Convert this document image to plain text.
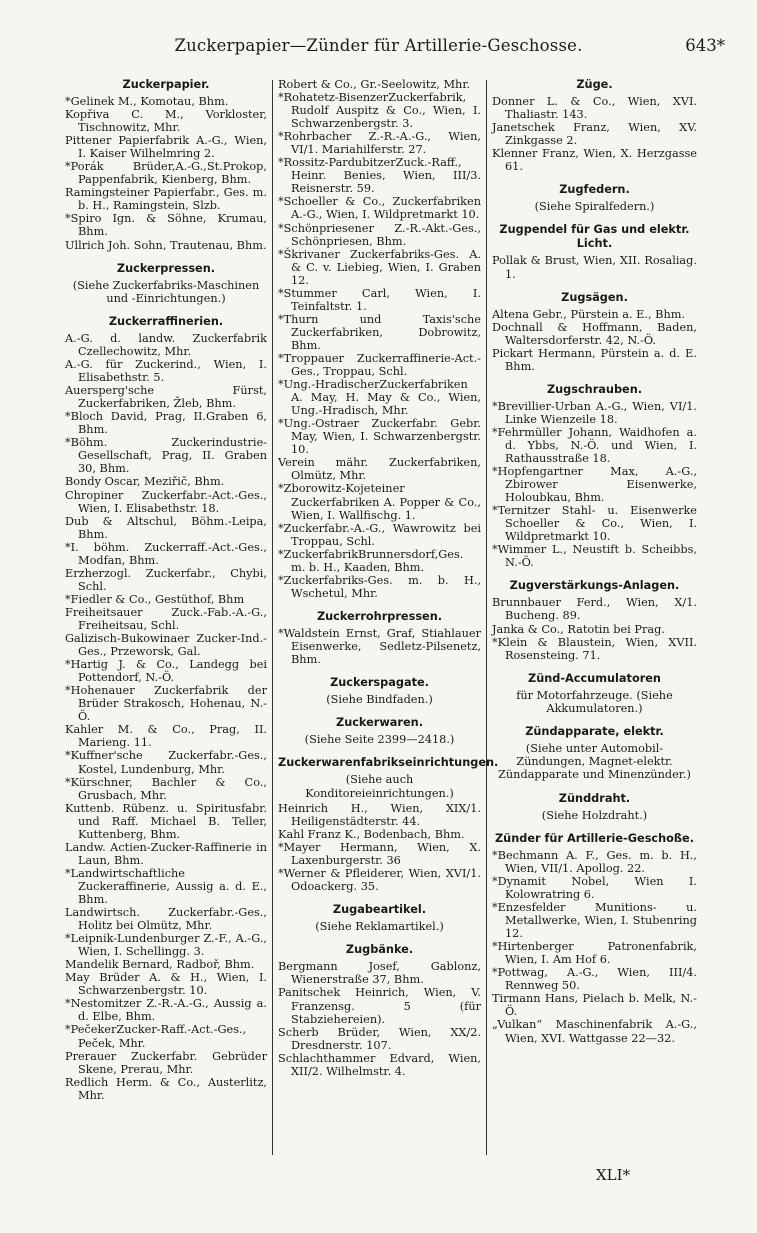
Zuckerpapier—Zünder für Artillerie-Geschosse.	643*
Zuckerpapier.

*Gelinek M., Komotau, Bhm.

Kopřiva C. M., Vorkloster, Tischnowitz, Mhr.

Pittener Papierfabrik A.-G., Wien, I. Kaiser Wilhelmring 2.

*Porák Brüder,A.-G.,St.Prokop, Pappenfabrik, Kienberg, Bhm.

Ramingsteiner Papierfabr., Ges. m. b. H., Ramingstein, Slzb.

*Spiro Ign. & Söhne, Krumau, Bhm.

Ullrich Joh. Sohn, Trautenau, Bhm.

Zuckerpressen.
(Siehe Zuckerfabriks-Maschinen und -Einrichtungen.)
Zuckerraffinerien.

A.-G. d. landw. Zuckerfabrik Czellechowitz, Mhr.

A.-G. für Zuckerind., Wien, I. Elisabethstr. 5.

Auersperg'sche Fürst, Zuckerfabriken, Žleb, Bhm.

*Bloch David, Prag, II.Graben 6, Bhm.

*Böhm. Zuckerindustrie-Gesellschaft, Prag, II. Graben 30, Bhm.

Bondy Oscar, Meziřič, Bhm.

Chropiner Zuckerfabr.-Act.-Ges., Wien, I. Elisabethstr. 18.

Dub & Altschul, Böhm.-Leipa, Bhm.

*I. böhm. Zuckerraff.-Act.-Ges., Modfan, Bhm.

Erzherzogl. Zuckerfabr., Chybi, Schl.

*Fiedler & Co., Gestüthof, Bhm

Freiheitsauer Zuck.-Fab.-A.-G., Freiheitsau, Schl.

Galizisch-Bukowinaer Zucker-Ind.-Ges., Przeworsk, Gal.

*Hartig J. & Co., Landegg bei Pottendorf, N.-Ö.

*Hohenauer Zuckerfabrik der Brüder Strakosch, Hohenau, N.-Ö.

Kahler M. & Co., Prag, II. Marieng. 11.

*Kuffner'sche Zuckerfabr.-Ges., Kostel, Lundenburg, Mhr.

*Kürschner, Bachler & Co., Grusbach, Mhr.

Kuttenb. Rübenz. u. Spiritusfabr. und Raff. Michael B. Teller, Kuttenberg, Bhm.

Landw. Actien-Zucker-Raffinerie in Laun, Bhm.

*Landwirtschaftliche Zuckeraffinerie, Aussig a. d. E., Bhm.

Landwirtsch. Zuckerfabr.-Ges., Holitz bei Olmütz, Mhr.

*Leipnik-Lundenburger Z.-F., A.-G., Wien, I. Schellingg. 3.

Mandelik Bernard, Radboř, Bhm.

May Brüder A. & H., Wien, I. Schwarzenbergstr. 10.

*Nestomitzer Z.-R.-A.-G., Aussig a. d. Elbe, Bhm.

*PečekerZucker-Raff.-Act.-Ges., Peček, Mhr.

Prerauer Zuckerfabr. Gebrüder Skene, Prerau, Mhr.

Redlich Herm. & Co., Austerlitz, Mhr.

Robert & Co., Gr.-Seelowitz, Mhr.

*Rohatetz-BisenzerZuckerfabrik, Rudolf Auspitz & Co., Wien, I. Schwarzenbergstr. 3.

*Rohrbacher Z.-R.-A.-G., Wien, VI/1. Mariahilferstr. 27.

*Rossitz-PardubitzerZuck.-Raff., Heinr. Benies, Wien, III/3. Reisnerstr. 59.

*Schoeller & Co., Zuckerfabriken A.-G., Wien, I. Wildpretmarkt 10.

*Schönpriesener Z.-R.-Akt.-Ges., Schönpriesen, Bhm.

*Škrivaner Zuckerfabriks-Ges. A. & C. v. Liebieg, Wien, I. Graben 12.

*Stummer Carl, Wien, I. Teinfaltstr. 1.

*Thurn und Taxis'sche Zuckerfabriken, Dobrowitz, Bhm.

*Troppauer Zuckerraffinerie-Act.-Ges., Troppau, Schl.

*Ung.-HradischerZuckerfabriken A. May, H. May & Co., Wien, Ung.-Hradisch, Mhr.

*Ung.-Ostraer Zuckerfabr. Gebr. May, Wien, I. Schwarzenbergstr. 10.

Verein mähr. Zuckerfabriken, Olmütz, Mhr.

*Zborowitz-Kojeteiner Zuckerfabriken A. Popper & Co., Wien, I. Wallfischg. 1.

*Zuckerfabr.-A.-G., Wawrowitz bei Troppau, Schl.

*ZuckerfabrikBrunnersdorf,Ges. m. b. H., Kaaden, Bhm.

*Zuckerfabriks-Ges. m. b. H., Wschetul, Mhr.

Zuckerrohrpressen.

*Waldstein Ernst, Graf, Stiahlauer Eisenwerke, Sedletz-Pilsenetz, Bhm.

Zuckerspagate.
(Siehe Bindfaden.)
Zuckerwaren.
(Siehe Seite 2399—2418.)
Zuckerwarenfabrikseinrichtungen.
(Siehe auch Konditoreieinrichtungen.)

Heinrich H., Wien, XIX/1. Heiligenstädterstr. 44.

Kahl Franz K., Bodenbach, Bhm.

*Mayer Hermann, Wien, X. Laxenburgerstr. 36

*Werner & Pfleiderer, Wien, XVI/1. Odoackerg. 35.

Zugabeartikel.
(Siehe Reklamartikel.)
Zugbänke.

Bergmann Josef, Gablonz, Wienerstraße 37, Bhm.

Panitschek Heinrich, Wien, V. Franzensg. 5 (für Stabziehereien).

Scherb Brüder, Wien, XX/2. Dresdnerstr. 107.

Schlachthammer Edvard, Wien, XII/2. Wilhelmstr. 4.

Züge.

Donner L. & Co., Wien, XVI. Thaliastr. 143.

Janetschek Franz, Wien, XV. Zinkgasse 2.

Klenner Franz, Wien, X. Herzgasse 61.

Zugfedern.
(Siehe Spiralfedern.)
Zugpendel für Gas und elektr. Licht.

Pollak & Brust, Wien, XII. Rosaliag. 1.

Zugsägen.

Altena Gebr., Pürstein a. E., Bhm.

Dochnall & Hoffmann, Baden, Waltersdorferstr. 42, N.-Ö.

Pickart Hermann, Pürstein a. d. E. Bhm.

Zugschrauben.

*Brevillier-Urban A.-G., Wien, VI/1. Linke Wienzeile 18.

*Fehrmüller Johann, Waidhofen a. d. Ybbs, N.-Ö. und Wien, I. Rathausstraße 18.

*Hopfengartner Max, A.-G., Zbirower Eisenwerke, Holoubkau, Bhm.

*Ternitzer Stahl- u. Eisenwerke Schoeller & Co., Wien, I. Wildpretmarkt 10.

*Wimmer L., Neustift b. Scheibbs, N.-Ö.

Zugverstärkungs-Anlagen.

Brunnbauer Ferd., Wien, X/1. Bucheng. 89.

Janka & Co., Ratotin bei Prag.

*Klein & Blaustein, Wien, XVII. Rosensteing. 71.

Zünd-Accumulatoren
für Motorfahrzeuge. (Siehe Akkumulatoren.)
Zündapparate, elektr.
(Siehe unter Automobil-Zündungen, Magnet-elektr. Zündapparate und Minenzünder.)
Zünddraht.
(Siehe Holzdraht.)
Zünder für Artillerie-Geschoße.

*Bechmann A. F., Ges. m. b. H., Wien, VII/1. Apollog. 22.

*Dynamit Nobel, Wien I. Kolowratring 6.

*Enzesfelder Munitions- u. Metallwerke, Wien, I. Stubenring 12.

*Hirtenberger Patronenfabrik, Wien, I. Am Hof 6.

*Pottwag, A.-G., Wien, III/4. Rennweg 50.

Tirmann Hans, Pielach b. Melk, N.-Ö.

„Vulkan“ Maschinenfabrik A.-G., Wien, XVI. Wattgasse 22—32.

XLI*
